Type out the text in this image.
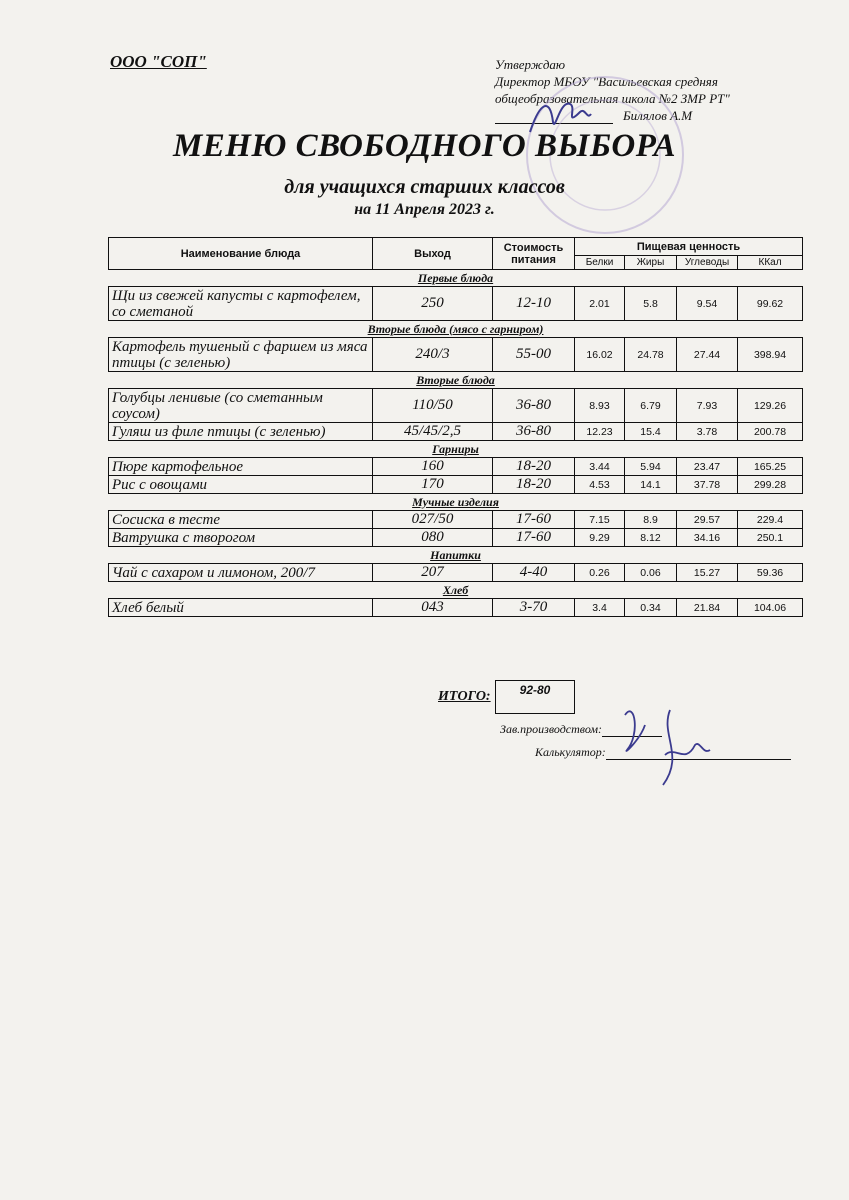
ООО "СОП"	Утверждаю
Директор МБОУ "Васильевская средняя
общеобразовательная школа №2 ЗМР РТ"
Билялов А.М
МЕНЮ СВОБОДНОГО ВЫБОРА
для учащихся старших классов
на 11 Апреля 2023 г.
Наименование блюда	Выход	Стоимость питания	Пищевая ценность			
			Белки	Жиры	Углеводы	ККал
Первые блюда						
Щи из свежей капусты с картофелем, со сметаной	250	12-10	2.01	5.8	9.54	99.62
Вторые блюда (мясо с гарниром)						
Картофель тушеный с фаршем из мяса птицы (с зеленью)	240/3	55-00	16.02	24.78	27.44	398.94
Вторые блюда						
Голубцы ленивые (со сметанным соусом)	110/50	36-80	8.93	6.79	7.93	129.26
Гуляш из филе птицы (с зеленью)	45/45/2,5	36-80	12.23	15.4	3.78	200.78
Гарниры						
Пюре картофельное	160	18-20	3.44	5.94	23.47	165.25
Рис с овощами	170	18-20	4.53	14.1	37.78	299.28
Мучные изделия						
Сосиска в тесте	027/50	17-60	7.15	8.9	29.57	229.4
Ватрушка с творогом	080	17-60	9.29	8.12	34.16	250.1
Напитки						
Чай с сахаром и лимоном, 200/7	207	4-40	0.26	0.06	15.27	59.36
Хлеб						
Хлеб белый	043	3-70	3.4	0.34	21.84	104.06
ИТОГО:	92-80
Зав.производством:
Калькулятор:
